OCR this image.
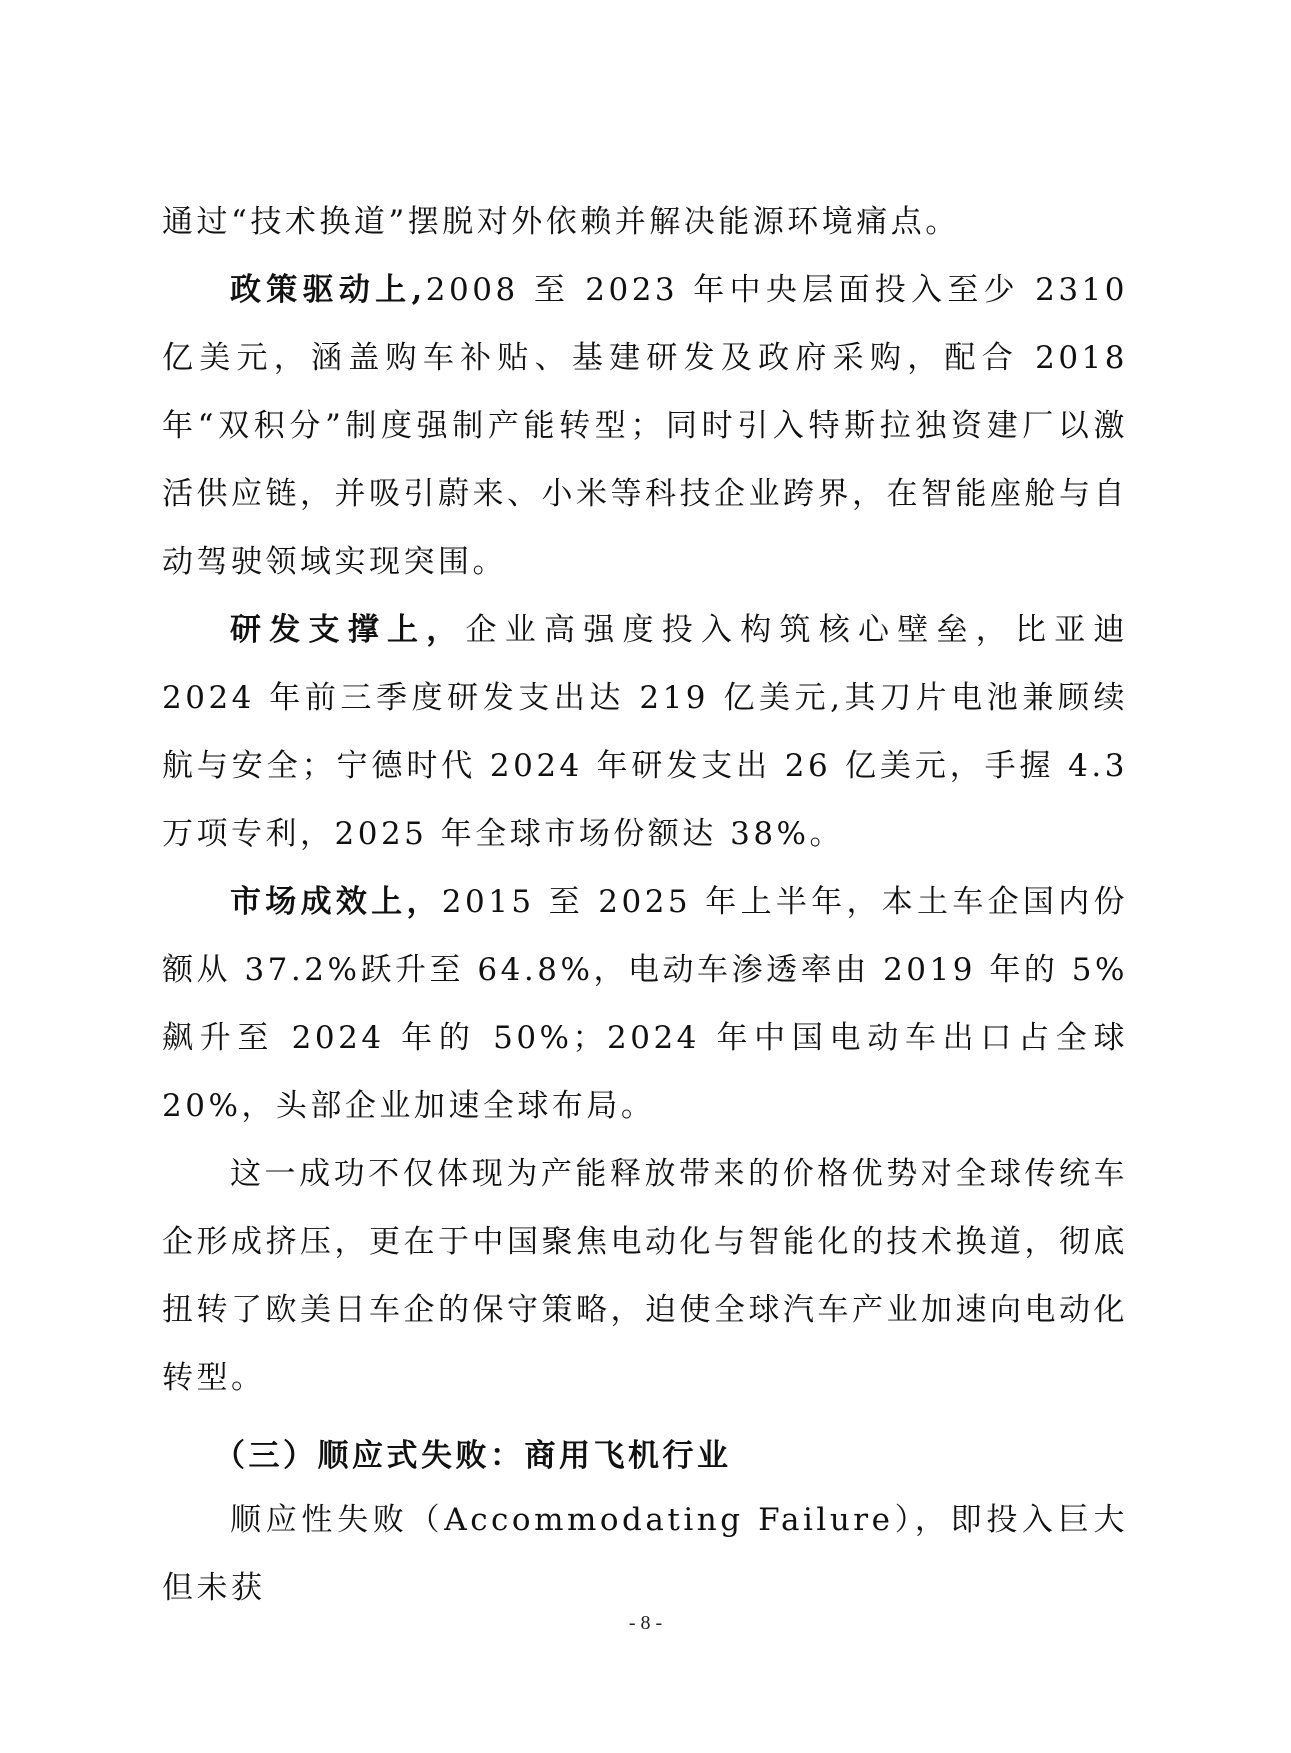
通过“技术换道”摆脱对外依赖并解决能源环境痛点。

政策驱动上,2008 至 2023 年中央层面投入至少 2310 亿美元，涵盖购车补贴、基建研发及政府采购，配合 2018 年“双积分”制度强制产能转型；同时引入特斯拉独资建厂以激活供应链，并吸引蔚来、小米等科技企业跨界，在智能座舱与自动驾驶领域实现突围。

研发支撑上，企业高强度投入构筑核心壁垒，比亚迪 2024 年前三季度研发支出达 219 亿美元,其刀片电池兼顾续航与安全；宁德时代 2024 年研发支出 26 亿美元，手握 4.3 万项专利，2025 年全球市场份额达 38%。

市场成效上，2015 至 2025 年上半年，本土车企国内份额从 37.2%跃升至 64.8%，电动车渗透率由 2019 年的 5%飙升至 2024 年的 50%；2024 年中国电动车出口占全球 20%，头部企业加速全球布局。

这一成功不仅体现为产能释放带来的价格优势对全球传统车企形成挤压，更在于中国聚焦电动化与智能化的技术换道，彻底扭转了欧美日车企的保守策略，迫使全球汽车产业加速向电动化转型。

（三）顺应式失败：商用飞机行业

顺应性失败（Accommodating Failure），即投入巨大但未获

- 8 -
